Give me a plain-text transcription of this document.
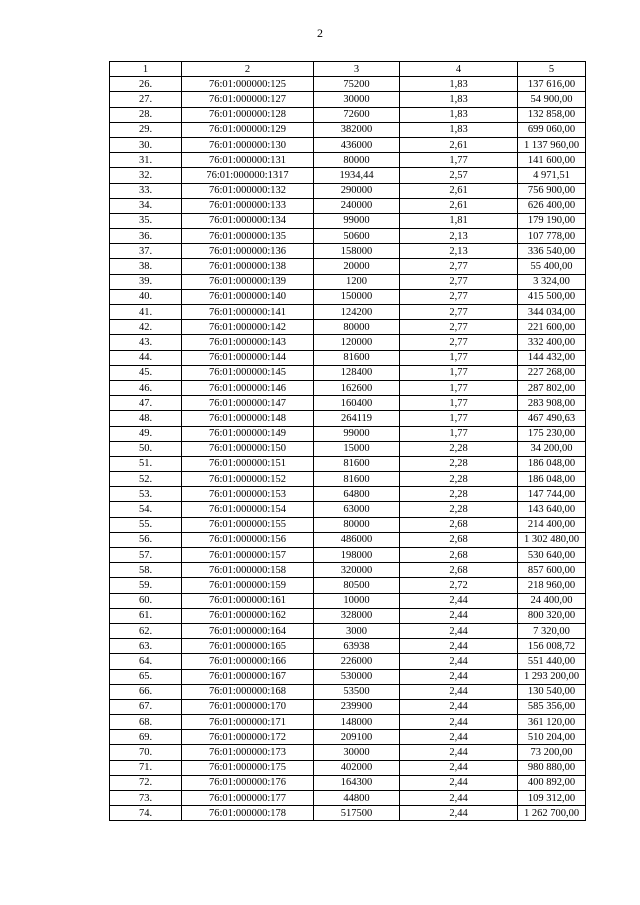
2
1	2	3	4	5
26.	76:01:000000:125	75200	1,83	137 616,00
27.	76:01:000000:127	30000	1,83	54 900,00
28.	76:01:000000:128	72600	1,83	132 858,00
29.	76:01:000000:129	382000	1,83	699 060,00
30.	76:01:000000:130	436000	2,61	1 137 960,00
31.	76:01:000000:131	80000	1,77	141 600,00
32.	76:01:000000:1317	1934,44	2,57	4 971,51
33.	76:01:000000:132	290000	2,61	756 900,00
34.	76:01:000000:133	240000	2,61	626 400,00
35.	76:01:000000:134	99000	1,81	179 190,00
36.	76:01:000000:135	50600	2,13	107 778,00
37.	76:01:000000:136	158000	2,13	336 540,00
38.	76:01:000000:138	20000	2,77	55 400,00
39.	76:01:000000:139	1200	2,77	3 324,00
40.	76:01:000000:140	150000	2,77	415 500,00
41.	76:01:000000:141	124200	2,77	344 034,00
42.	76:01:000000:142	80000	2,77	221 600,00
43.	76:01:000000:143	120000	2,77	332 400,00
44.	76:01:000000:144	81600	1,77	144 432,00
45.	76:01:000000:145	128400	1,77	227 268,00
46.	76:01:000000:146	162600	1,77	287 802,00
47.	76:01:000000:147	160400	1,77	283 908,00
48.	76:01:000000:148	264119	1,77	467 490,63
49.	76:01:000000:149	99000	1,77	175 230,00
50.	76:01:000000:150	15000	2,28	34 200,00
51.	76:01:000000:151	81600	2,28	186 048,00
52.	76:01:000000:152	81600	2,28	186 048,00
53.	76:01:000000:153	64800	2,28	147 744,00
54.	76:01:000000:154	63000	2,28	143 640,00
55.	76:01:000000:155	80000	2,68	214 400,00
56.	76:01:000000:156	486000	2,68	1 302 480,00
57.	76:01:000000:157	198000	2,68	530 640,00
58.	76:01:000000:158	320000	2,68	857 600,00
59.	76:01:000000:159	80500	2,72	218 960,00
60.	76:01:000000:161	10000	2,44	24 400,00
61.	76:01:000000:162	328000	2,44	800 320,00
62.	76:01:000000:164	3000	2,44	7 320,00
63.	76:01:000000:165	63938	2,44	156 008,72
64.	76:01:000000:166	226000	2,44	551 440,00
65.	76:01:000000:167	530000	2,44	1 293 200,00
66.	76:01:000000:168	53500	2,44	130 540,00
67.	76:01:000000:170	239900	2,44	585 356,00
68.	76:01:000000:171	148000	2,44	361 120,00
69.	76:01:000000:172	209100	2,44	510 204,00
70.	76:01:000000:173	30000	2,44	73 200,00
71.	76:01:000000:175	402000	2,44	980 880,00
72.	76:01:000000:176	164300	2,44	400 892,00
73.	76:01:000000:177	44800	2,44	109 312,00
74.	76:01:000000:178	517500	2,44	1 262 700,00
